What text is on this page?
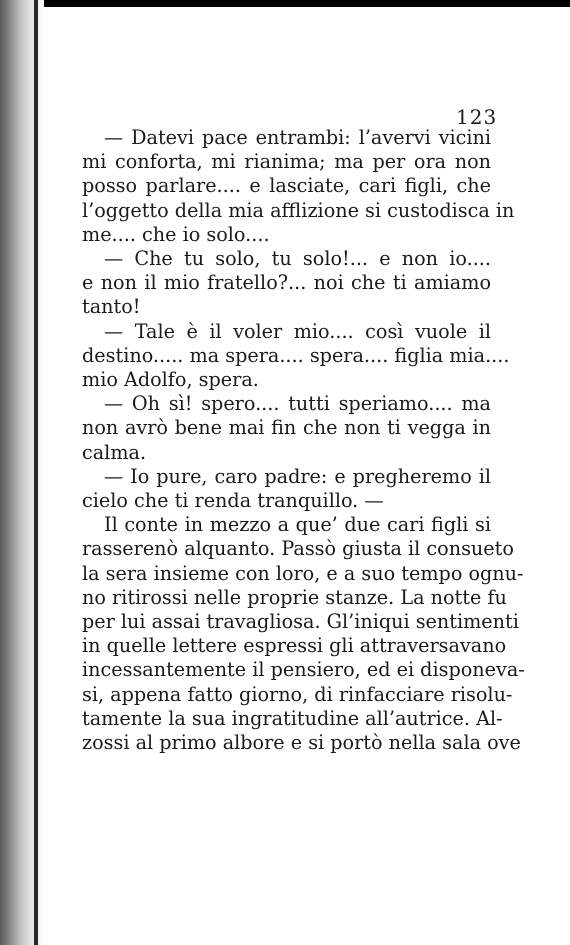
123
— Datevi pace entrambi: l’avervi vicini
mi conforta, mi rianima; ma per ora non
posso parlare.... e lasciate, cari figli, che
l’oggetto della mia afflizione si custodisca in
me.... che io solo....
— Che tu solo, tu solo!... e non io....
e non il mio fratello?... noi che ti amiamo
tanto!
— Tale è il voler mio.... così vuole il
destino..... ma spera.... spera.... figlia mia....
mio Adolfo, spera.
— Oh sì! spero.... tutti speriamo.... ma
non avrò bene mai fin che non ti vegga in
calma.
— Io pure, caro padre: e pregheremo il
cielo che ti renda tranquillo. —
Il conte in mezzo a que’ due cari figli si
rasserenò alquanto. Passò giusta il consueto
la sera insieme con loro, e a suo tempo ognu-
no ritirossi nelle proprie stanze. La notte fu
per lui assai travagliosa. Gl’iniqui sentimenti
in quelle lettere espressi gli attraversavano
incessantemente il pensiero, ed ei disponeva-
si, appena fatto giorno, di rinfacciare risolu-
tamente la sua ingratitudine all’autrice. Al-
zossi al primo albore e si portò nella sala ove
